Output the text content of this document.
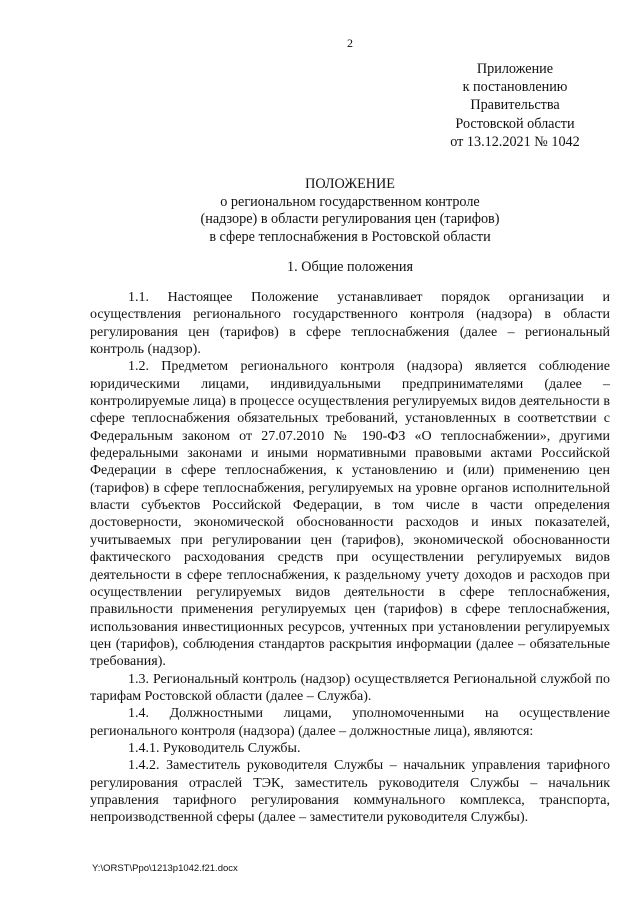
2
Приложение
к постановлению
Правительства
Ростовской области
от 13.12.2021 № 1042
ПОЛОЖЕНИЕ
о региональном государственном контроле
(надзоре) в области регулирования цен (тарифов)
в сфере теплоснабжения в Ростовской области
1. Общие положения

1.1. Настоящее Положение устанавливает порядок организации и осуществления регионального государственного контроля (надзора) в области регулирования цен (тарифов) в сфере теплоснабжения (далее – региональный контроль (надзор).

1.2. Предметом регионального контроля (надзора) является соблюдение юридическими лицами, индивидуальными предпринимателями (далее – контролируемые лица) в процессе осуществления регулируемых видов деятельности в сфере теплоснабжения обязательных требований, установленных в соответствии с Федеральным законом от 27.07.2010 № 190-ФЗ «О теплоснабжении», другими федеральными законами и иными нормативными правовыми актами Российской Федерации в сфере теплоснабжения, к установлению и (или) применению цен (тарифов) в сфере теплоснабжения, регулируемых на уровне органов исполнительной власти субъектов Российской Федерации, в том числе в части определения достоверности, экономической обоснованности расходов и иных показателей, учитываемых при регулировании цен (тарифов), экономической обоснованности фактического расходования средств при осуществлении регулируемых видов деятельности в сфере теплоснабжения, к раздельному учету доходов и расходов при осуществлении регулируемых видов деятельности в сфере теплоснабжения, правильности применения регулируемых цен (тарифов) в сфере теплоснабжения, использования инвестиционных ресурсов, учтенных при установлении регулируемых цен (тарифов), соблюдения стандартов раскрытия информации (далее – обязательные требования).

1.3. Региональный контроль (надзор) осуществляется Региональной службой по тарифам Ростовской области (далее – Служба).

1.4. Должностными лицами, уполномоченными на осуществление регионального контроля (надзора) (далее – должностные лица), являются:

1.4.1. Руководитель Службы.

1.4.2. Заместитель руководителя Службы – начальник управления тарифного регулирования отраслей ТЭК, заместитель руководителя Службы – начальник управления тарифного регулирования коммунального комплекса, транспорта, непроизводственной сферы (далее – заместители руководителя Службы).

Y:\ORST\Ppo\1213p1042.f21.docx
